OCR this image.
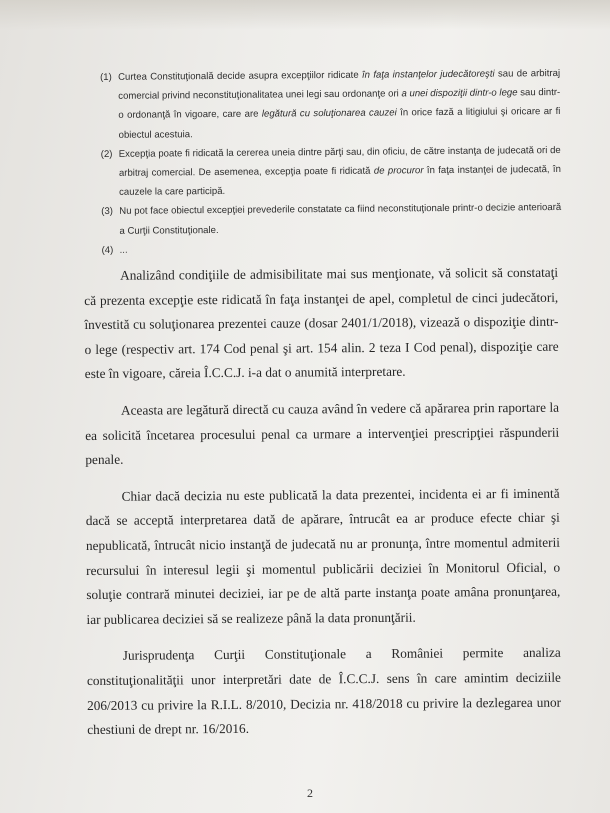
(1) Curtea Constituţională decide asupra excepţiilor ridicate în faţa instanţelor judecătoreşti sau de arbitraj comercial privind neconstituţionalitatea unei legi sau ordonanţe ori a unei dispoziţii dintr-o lege sau dintr-o ordonanţă în vigoare, care are legătură cu soluţionarea cauzei în orice fază a litigiului şi oricare ar fi obiectul acestuia.
(2) Excepţia poate fi ridicată la cererea uneia dintre părţi sau, din oficiu, de către instanţa de judecată ori de arbitraj comercial. De asemenea, excepţia poate fi ridicată de procuror în faţa instanţei de judecată, în cauzele la care participă.
(3) Nu pot face obiectul excepţiei prevederile constatate ca fiind neconstituţionale printr-o decizie anterioară a Curţii Constituţionale.
(4) ...

Analizând condiţiile de admisibilitate mai sus menţionate, vă solicit să constataţi că prezenta excepţie este ridicată în faţa instanţei de apel, completul de cinci judecători, învestită cu soluţionarea prezentei cauze (dosar 2401/1/2018), vizează o dispoziţie dintr-o lege (respectiv art. 174 Cod penal şi art. 154 alin. 2 teza I Cod penal), dispoziţie care este în vigoare, căreia Î.C.C.J. i-a dat o anumită interpretare.

Aceasta are legătură directă cu cauza având în vedere că apărarea prin raportare la ea solicită încetarea procesului penal ca urmare a intervenţiei prescripţiei răspunderii penale.

Chiar dacă decizia nu este publicată la data prezentei, incidenta ei ar fi iminentă dacă se acceptă interpretarea dată de apărare, întrucât ea ar produce efecte chiar şi nepublicată, întrucât nicio instanţă de judecată nu ar pronunţa, între momentul admiterii recursului în interesul legii şi momentul publicării deciziei în Monitorul Oficial, o soluţie contrară minutei deciziei, iar pe de altă parte instanţa poate amâna pronunţarea, iar publicarea deciziei să se realizeze până la data pronunţării.

Jurisprudenţa Curţii Constituţionale a României permite analiza constituţionalităţii unor interpretări date de Î.C.C.J. sens în care amintim deciziile 206/2013 cu privire la R.I.L. 8/2010, Decizia nr. 418/2018 cu privire la dezlegarea unor chestiuni de drept nr. 16/2016.

2
